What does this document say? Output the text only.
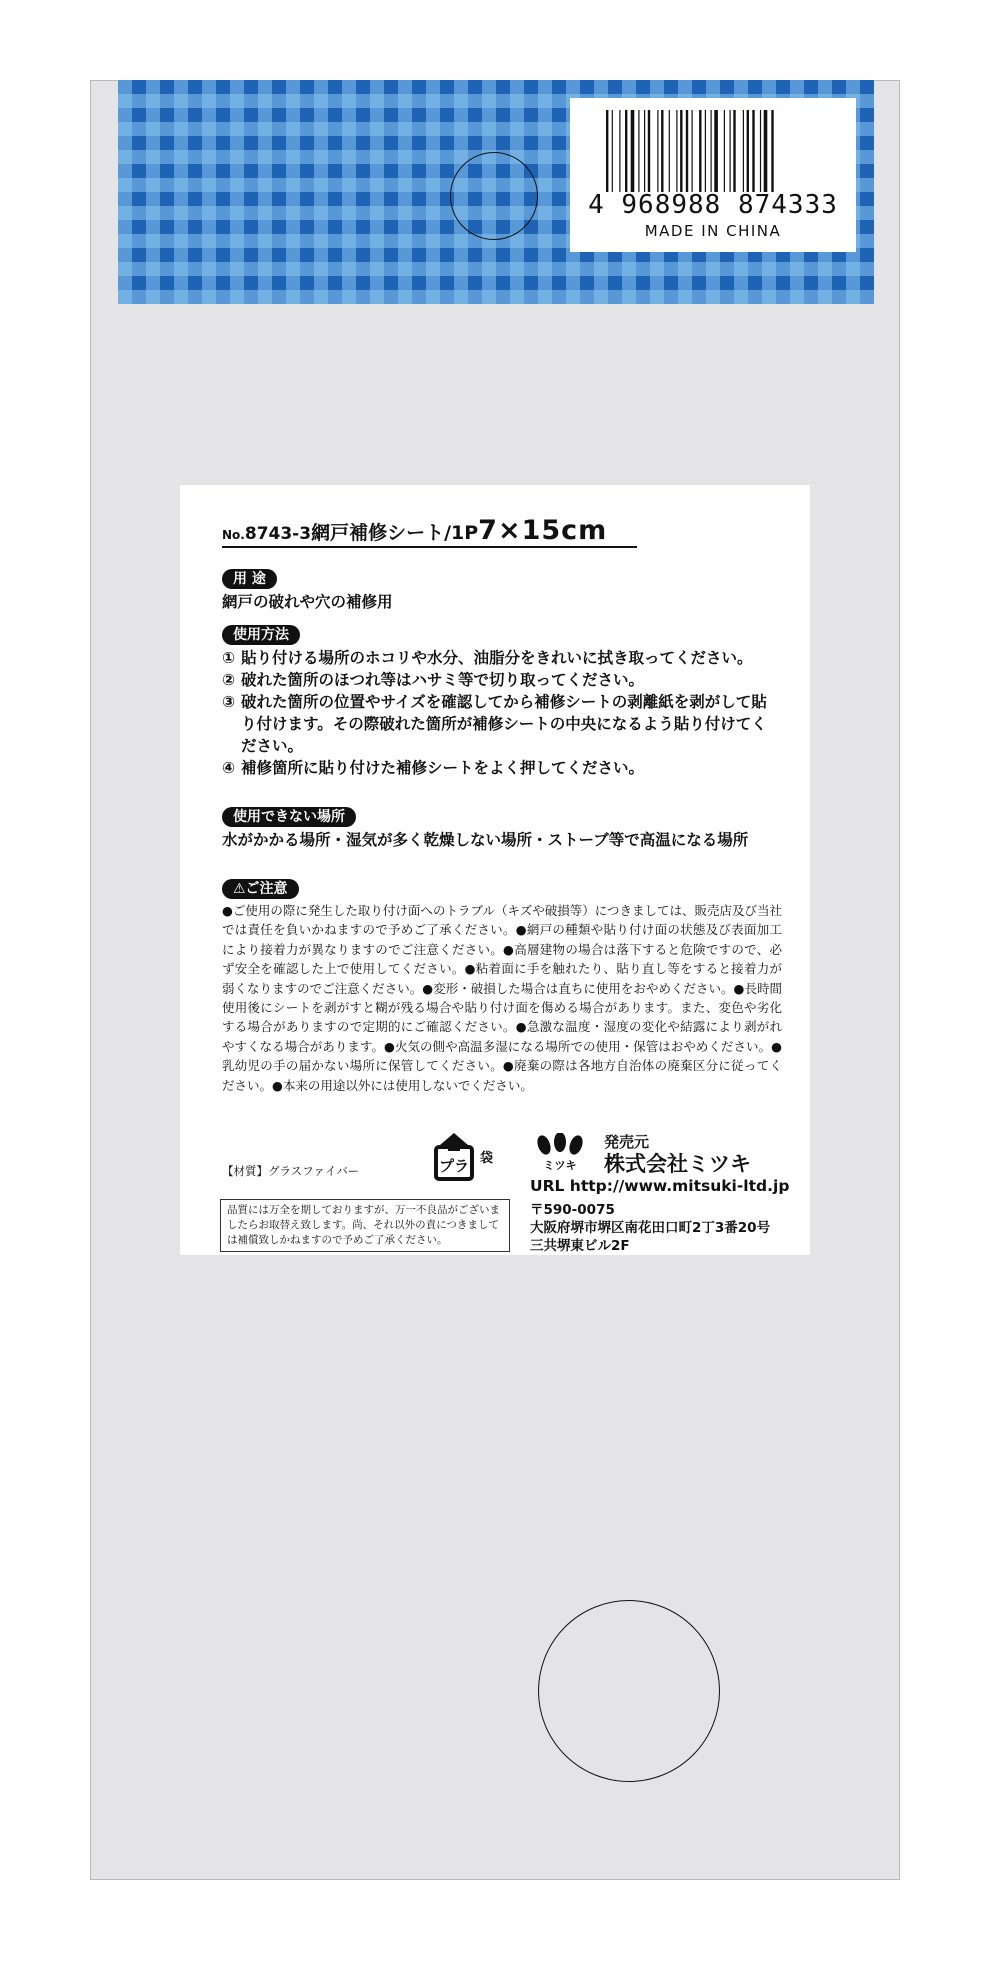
4 968988 874333
MADE IN CHINA
No.8743-3網戸補修シート/1P7×15cm
用 途
網戸の破れや穴の補修用
使用方法
① 貼り付ける場所のホコリや水分、油脂分をきれいに拭き取ってください。
② 破れた箇所のほつれ等はハサミ等で切り取ってください。
③ 破れた箇所の位置やサイズを確認してから補修シートの剥離紙を剥がして貼り付けます。その際破れた箇所が補修シートの中央になるよう貼り付けてください。
④ 補修箇所に貼り付けた補修シートをよく押してください。
使用できない場所
水がかかる場所・湿気が多く乾燥しない場所・ストーブ等で高温になる場所
⚠ご注意
●ご使用の際に発生した取り付け面へのトラブル（キズや破損等）につきましては、販売店及び当社では責任を負いかねますので予めご了承ください。●網戸の種類や貼り付け面の状態及び表面加工により接着力が異なりますのでご注意ください。●高層建物の場合は落下すると危険ですので、必ず安全を確認した上で使用してください。●粘着面に手を触れたり、貼り直し等をすると接着力が弱くなりますのでご注意ください。●変形・破損した場合は直ちに使用をおやめください。●長時間使用後にシートを剥がすと糊が残る場合や貼り付け面を傷める場合があります。また、変色や劣化する場合がありますので定期的にご確認ください。●急激な温度・湿度の変化や結露により剥がれやすくなる場合があります。●火気の側や高温多湿になる場所での使用・保管はおやめください。●乳幼児の手の届かない場所に保管してください。●廃棄の際は各地方自治体の廃棄区分に従ってください。●本来の用途以外には使用しないでください。
【材質】グラスファイバー	プラ 袋	ミツキ
発売元
株式会社ミツキ
URL http://www.mitsuki-ltd.jp
〒590-0075
大阪府堺市堺区南花田口町2丁3番20号
三共堺東ビル2F
品質には万全を期しておりますが、万一不良品がございましたらお取替え致します。尚、それ以外の責につきましては補償致しかねますので予めご了承ください。
